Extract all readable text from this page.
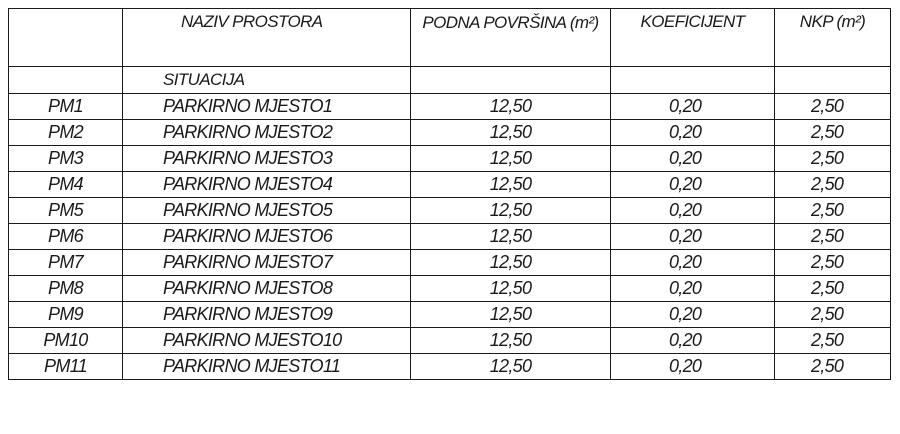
	NAZIV PROSTORA	PODNA POVRŠINA (m²)	KOEFICIJENT	NKP (m²)
	SITUACIJA			
PM1	PARKIRNO MJESTO1	12,50	0,20	2,50
PM2	PARKIRNO MJESTO2	12,50	0,20	2,50
PM3	PARKIRNO MJESTO3	12,50	0,20	2,50
PM4	PARKIRNO MJESTO4	12,50	0,20	2,50
PM5	PARKIRNO MJESTO5	12,50	0,20	2,50
PM6	PARKIRNO MJESTO6	12,50	0,20	2,50
PM7	PARKIRNO MJESTO7	12,50	0,20	2,50
PM8	PARKIRNO MJESTO8	12,50	0,20	2,50
PM9	PARKIRNO MJESTO9	12,50	0,20	2,50
PM10	PARKIRNO MJESTO10	12,50	0,20	2,50
PM11	PARKIRNO MJESTO11	12,50	0,20	2,50
